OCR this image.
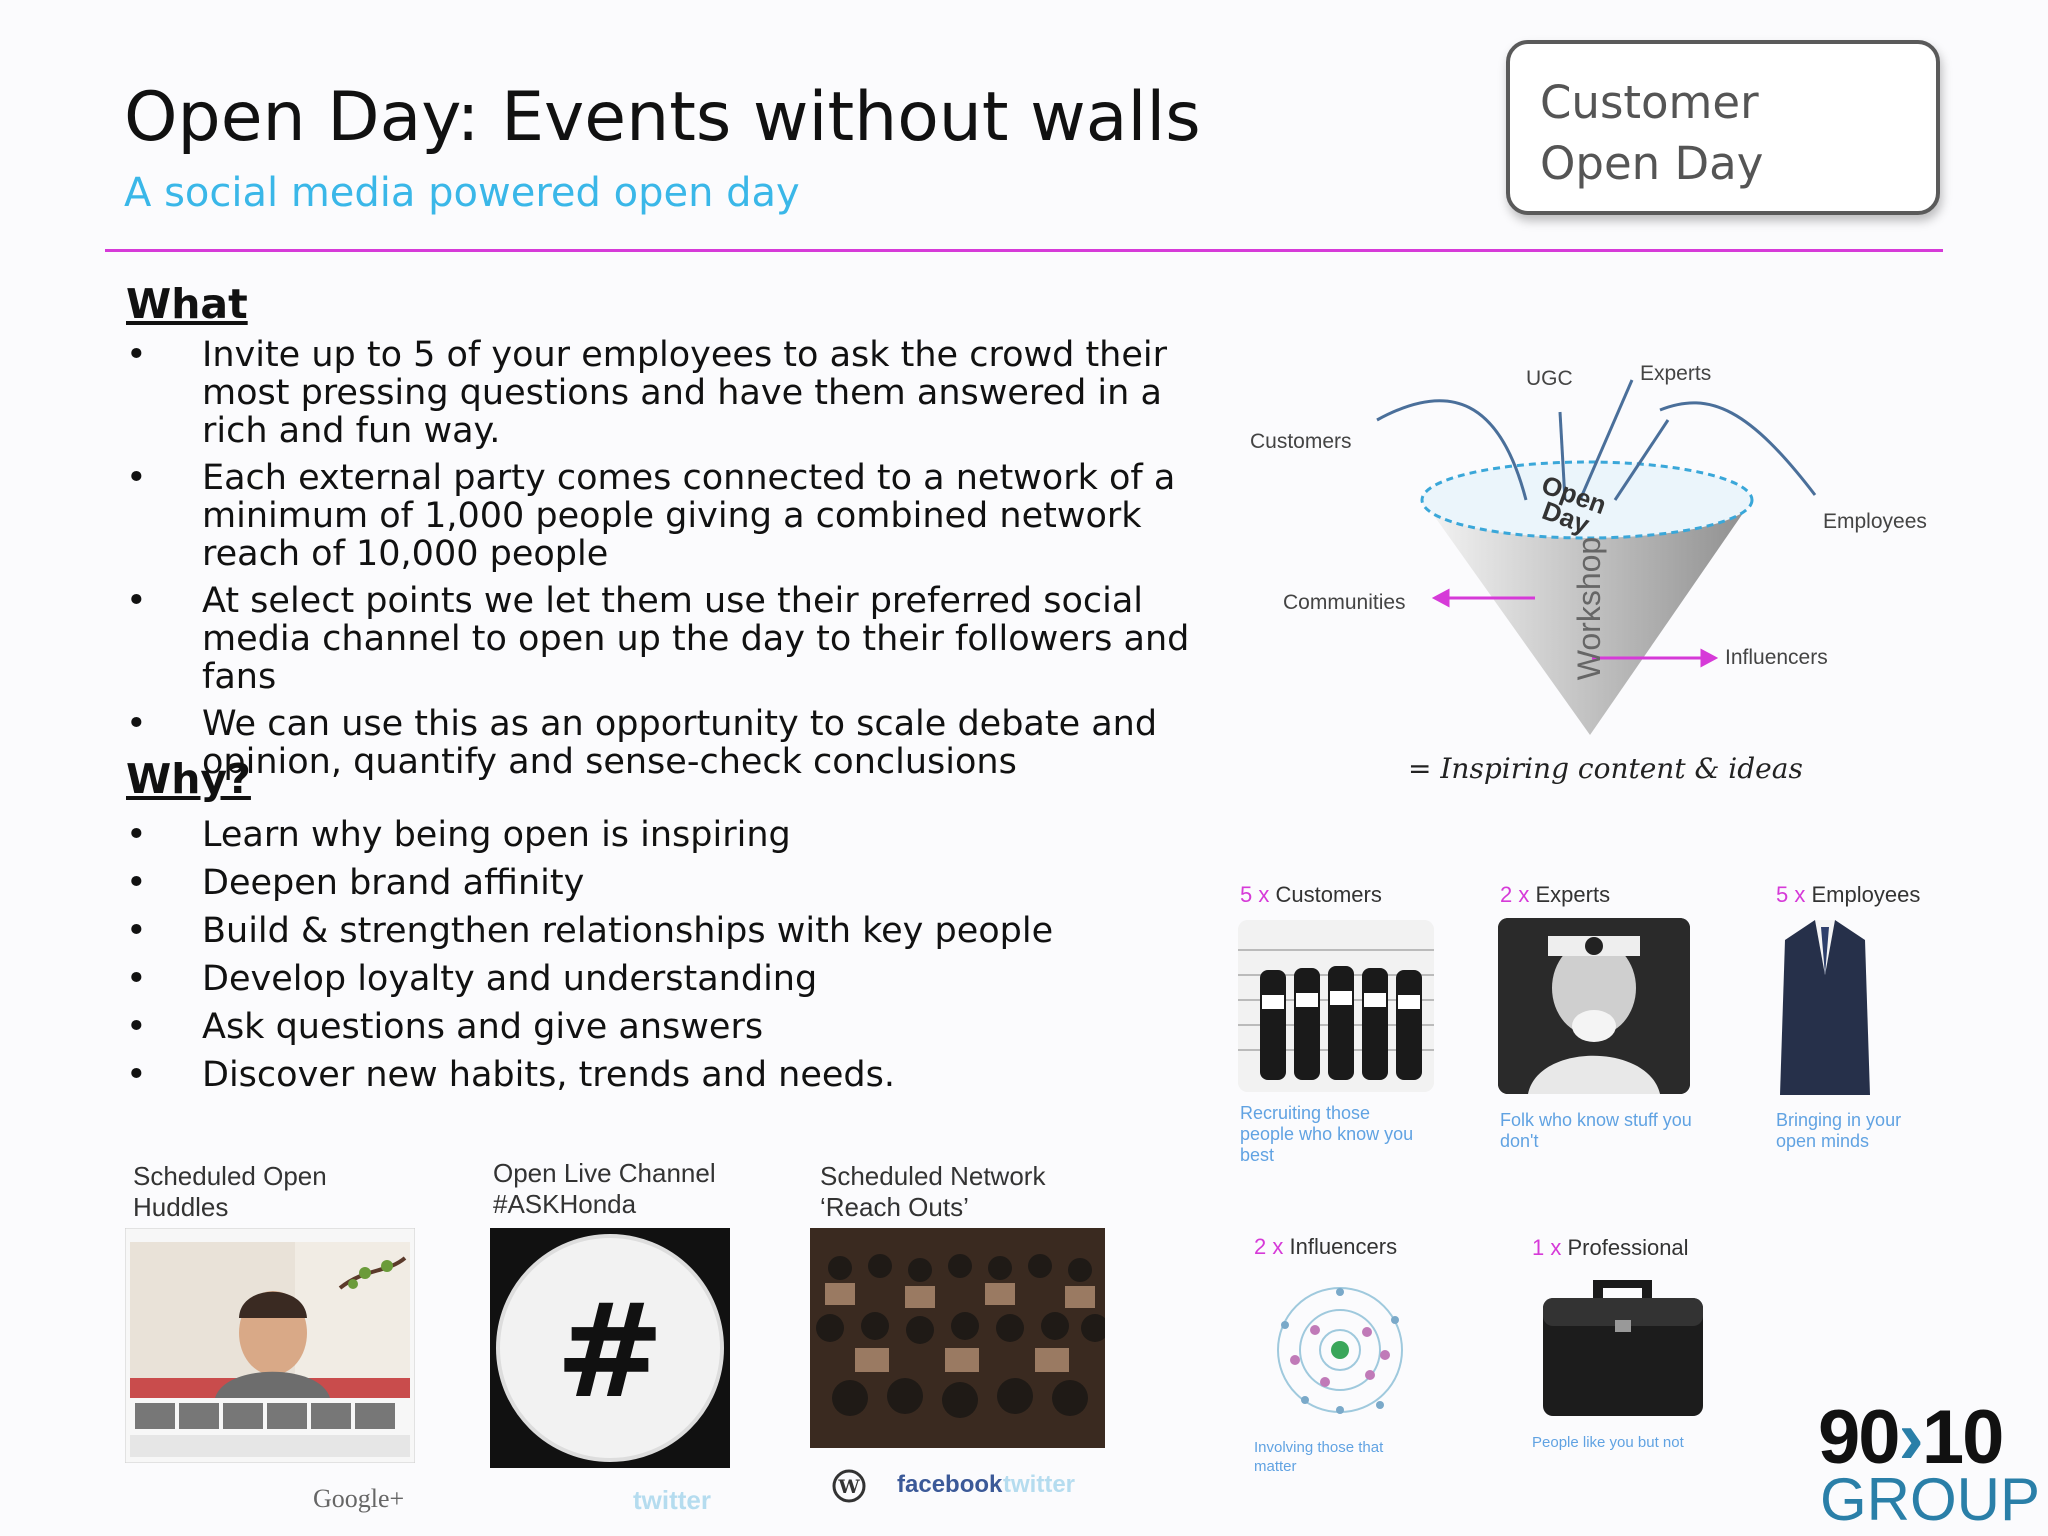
Open Day: Events without walls
A social media powered open day
Customer
Open Day
What
• Invite up to 5 of your employees to ask the crowd their most pressing questions and have them answered in a rich and fun way.
• Each external party comes connected to a network of a minimum of 1,000 people giving a combined network reach of 10,000 people
• At select points we let them use their preferred social media channel to open up the day to their followers and fans
• We can use this as an opportunity to scale debate and opinion, quantify and sense-check conclusions
Why?
• Learn why being open is inspiring
• Deepen brand affinity
• Build & strengthen relationships with key people
• Develop loyalty and understanding
• Ask questions and give answers
• Discover new habits, trends and needs.
Customers
UGC	Experts
Employees
Communities
Influencers
Open Day
Workshop
= Inspiring content & ideas
5 x Customers	2 x Experts	5 x Employees
Recruiting those people who know you best
Folk who know stuff you don't
Bringing in your open minds
2 x Influencers	1 x Professional
Involving those that matter
People like you but not
Scheduled Open
Huddles
Open Live Channel
#ASKHonda
Scheduled Network
‘Reach Outs’
Google+
#
twitter	W facebook twitter
90›10
GROUP
